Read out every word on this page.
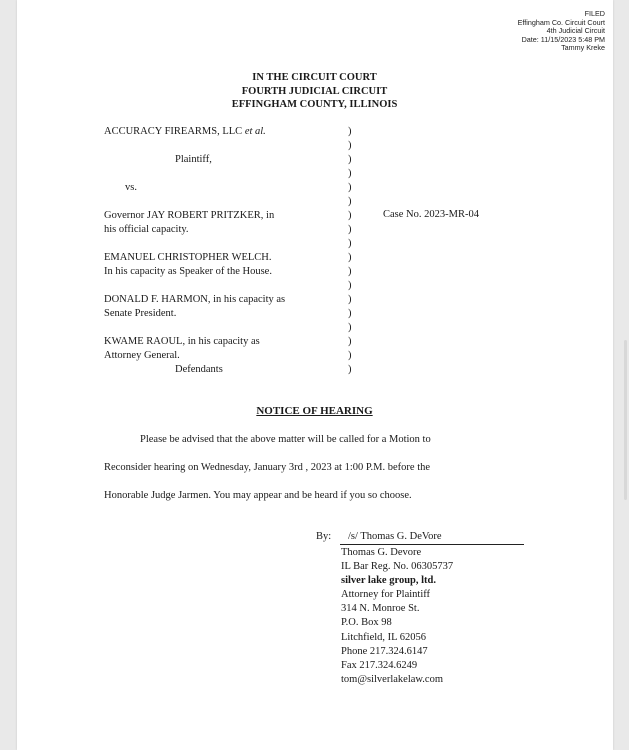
FILED
Effingham Co. Circuit Court
4th Judicial Circuit
Date: 11/15/2023 5:48 PM
Tammy Kreke
IN THE CIRCUIT COURT
FOURTH JUDICIAL CIRCUIT
EFFINGHAM COUNTY, ILLINOIS
ACCURACY FIREARMS, LLC et al.
Plaintiff,
vs.
Governor JAY ROBERT PRITZKER, in
his official capacity.
EMANUEL CHRISTOPHER WELCH.
In his capacity as Speaker of the House.
DONALD F. HARMON, in his capacity as
Senate President.
KWAME RAOUL, in his capacity as
Attorney General.
Defendants
)
)
)
)
)
)
)
)
)
)
)
)
)
)
)
)
)
)
Case No. 2023-MR-04
NOTICE OF HEARING
Please be advised that the above matter will be called for a Motion to
Reconsider hearing on Wednesday, January 3rd , 2023 at 1:00 P.M. before the
Honorable Judge Jarmen. You may appear and be heard if you so choose.
By:	/s/ Thomas G. DeVore
Thomas G. Devore
IL Bar Reg. No. 06305737
silver lake group, ltd.
Attorney for Plaintiff
314 N. Monroe St.
P.O. Box 98
Litchfield, IL 62056
Phone 217.324.6147
Fax 217.324.6249
tom@silverlakelaw.com
